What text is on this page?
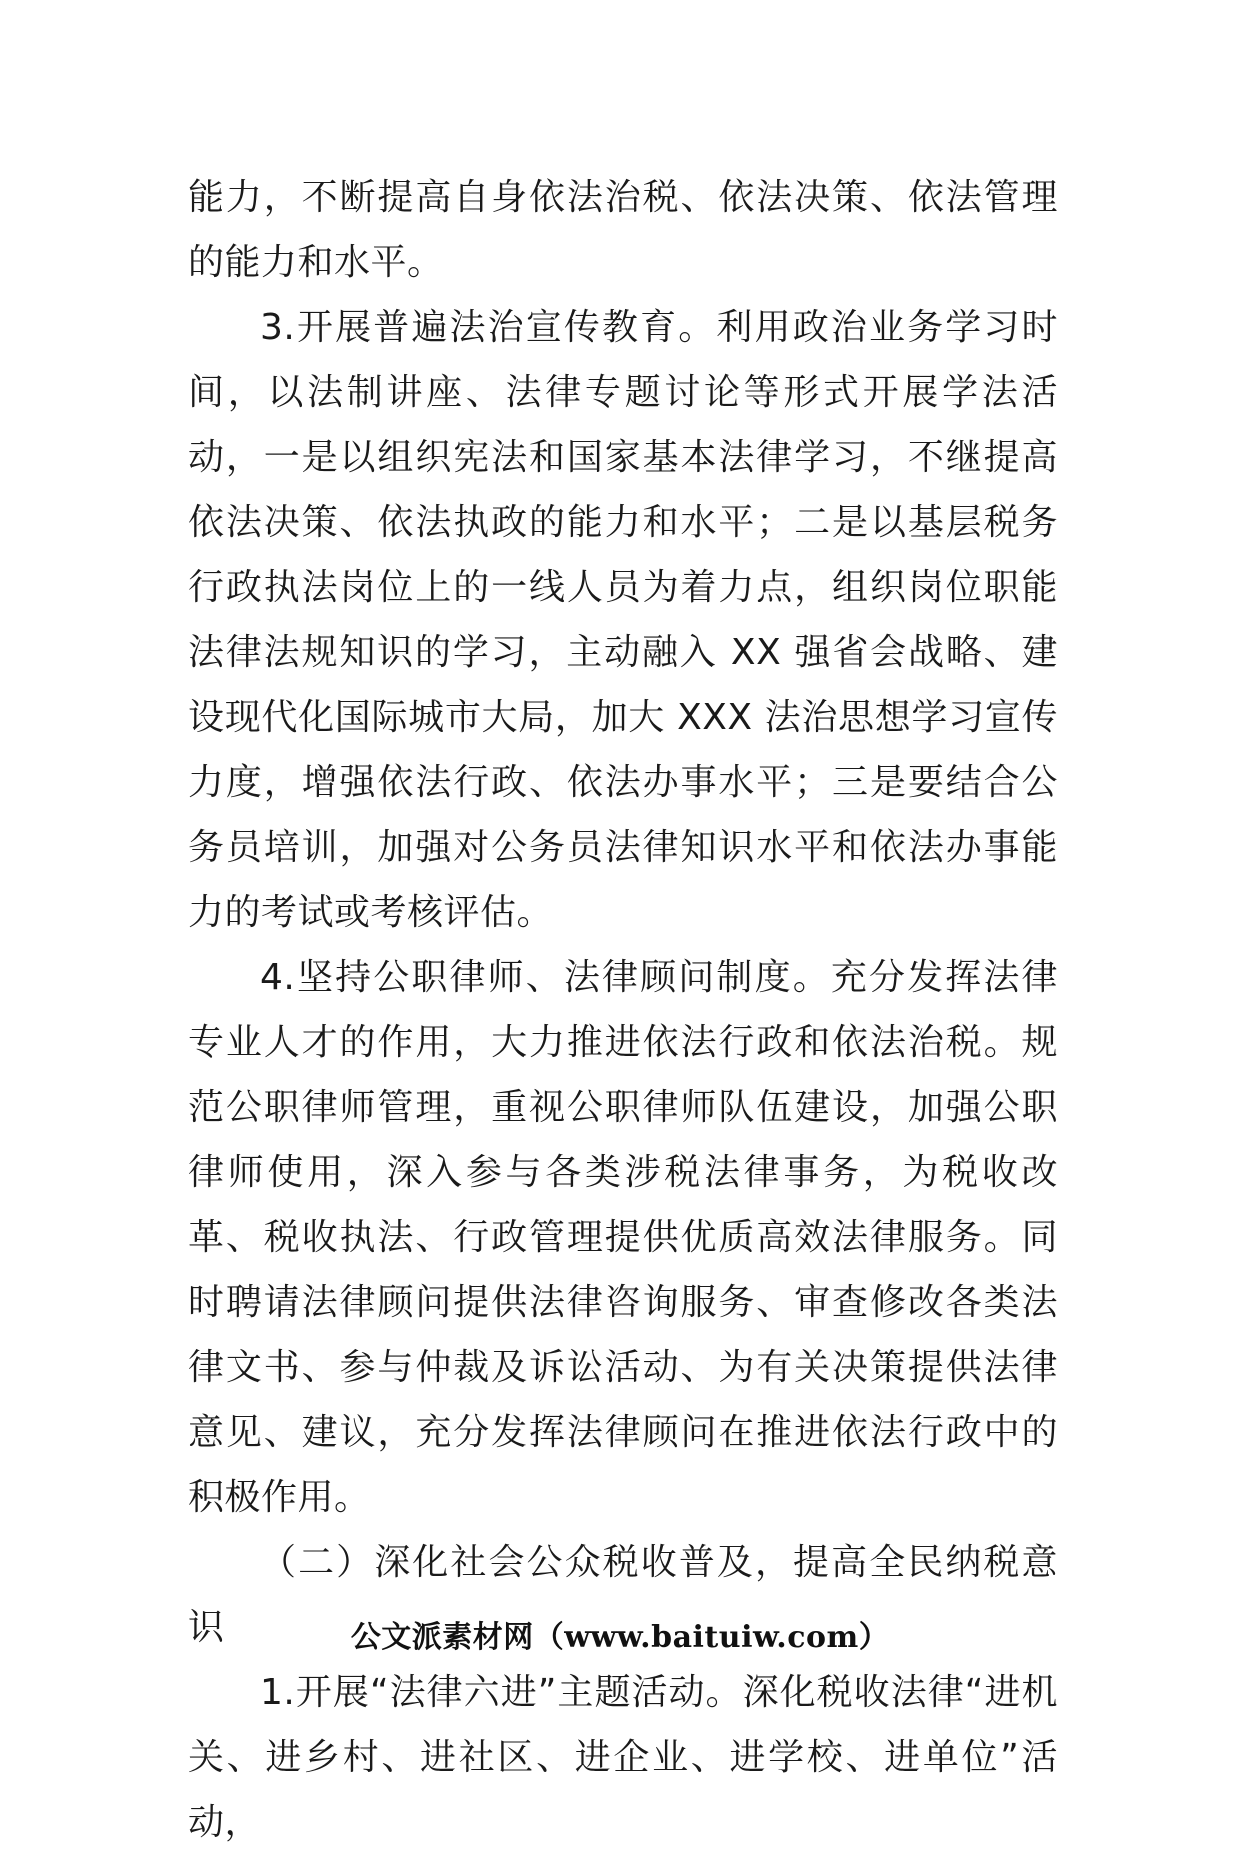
能力，不断提高自身依法治税、依法决策、依法管理的能力和水平。

3.开展普遍法治宣传教育。利用政治业务学习时间，以法制讲座、法律专题讨论等形式开展学法活动，一是以组织宪法和国家基本法律学习，不继提高依法决策、依法执政的能力和水平；二是以基层税务行政执法岗位上的一线人员为着力点，组织岗位职能法律法规知识的学习，主动融入 XX 强省会战略、建设现代化国际城市大局，加大 XXX 法治思想学习宣传力度，增强依法行政、依法办事水平；三是要结合公务员培训，加强对公务员法律知识水平和依法办事能力的考试或考核评估。

4.坚持公职律师、法律顾问制度。充分发挥法律专业人才的作用，大力推进依法行政和依法治税。规范公职律师管理，重视公职律师队伍建设，加强公职律师使用，深入参与各类涉税法律事务，为税收改革、税收执法、行政管理提供优质高效法律服务。同时聘请法律顾问提供法律咨询服务、审查修改各类法律文书、参与仲裁及诉讼活动、为有关决策提供法律意见、建议，充分发挥法律顾问在推进依法行政中的积极作用。

（二）深化社会公众税收普及，提高全民纳税意识

1.开展“法律六进”主题活动。深化税收法律“进机关、进乡村、进社区、进企业、进学校、进单位”活动，

公文派素材网（www.baituiw.com）
